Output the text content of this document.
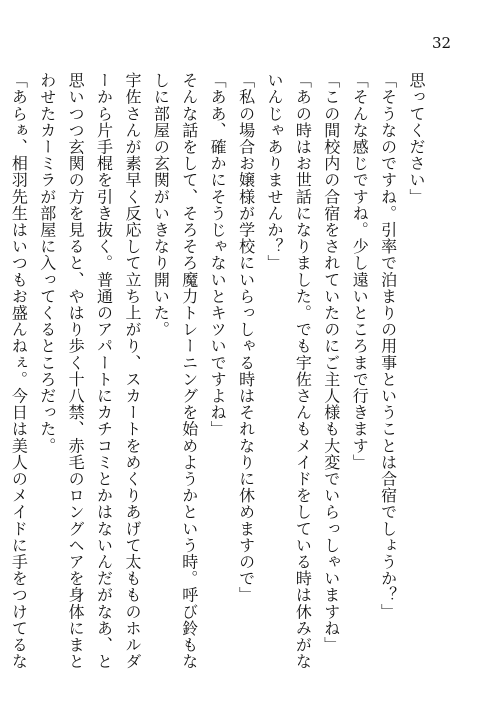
32
思ってください」
「そうなのですね。引率で泊まりの用事ということは合宿でしょうか？」
「そんな感じですね。少し遠いところまで行きます」
「この間校内の合宿をされていたのにご主人様も大変でいらっしゃいますね」
「あの時はお世話になりました。でも宇佐さんもメイドをしている時は休みがないんじゃありませんか？」
「私の場合お嬢様が学校にいらっしゃる時はそれなりに休めますので」
「ああ、確かにそうじゃないとキツいですよね」
そんな話をして、そろそろ魔力トレーニングを始めようかという時。呼び鈴もなしに部屋の玄関がいきなり開いた。
宇佐さんが素早く反応して立ち上がり、スカートをめくりあげて太もものホルダーから片手棍を引き抜く。普通のアパートにカチコミとかはないんだがなあ、と思いつつ玄関の方を見ると、やはり歩く十八禁、赤毛のロングヘアを身体にまとわせたカーミラが部屋に入ってくるところだった。
「あらぁ、相羽先生はいつもお盛んねぇ。今日は美人のメイドに手をつけてるな
